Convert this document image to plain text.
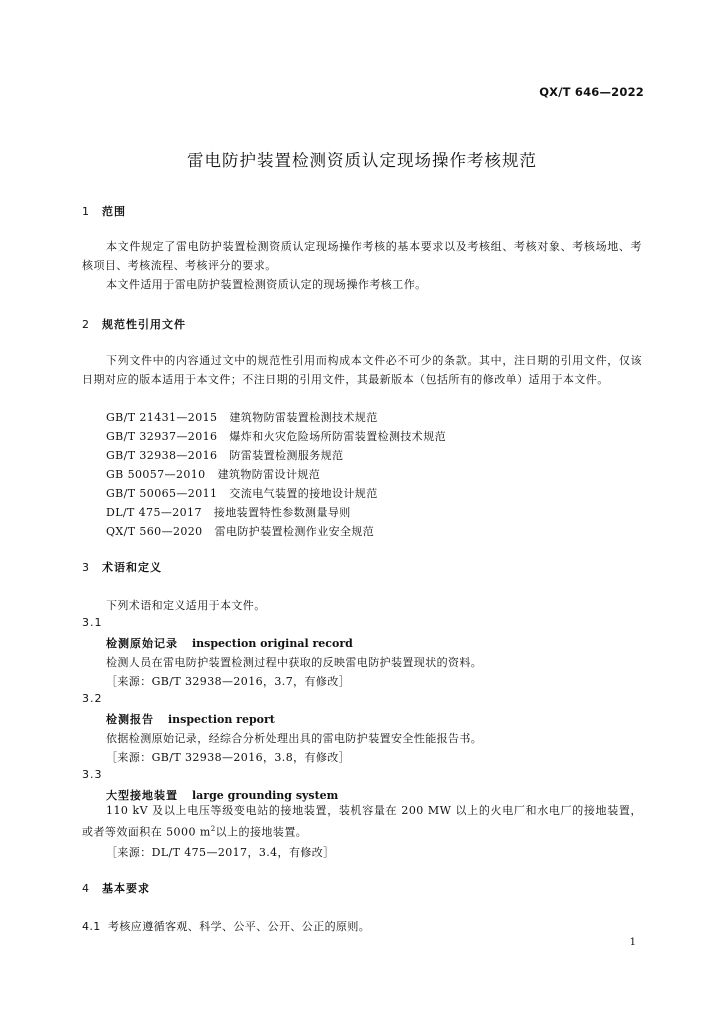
QX/T 646—2022
雷电防护装置检测资质认定现场操作考核规范
1 范围
本文件规定了雷电防护装置检测资质认定现场操作考核的基本要求以及考核组、考核对象、考核场地、考核项目、考核流程、考核评分的要求。
本文件适用于雷电防护装置检测资质认定的现场操作考核工作。
2 规范性引用文件
下列文件中的内容通过文中的规范性引用而构成本文件必不可少的条款。其中，注日期的引用文件，仅该日期对应的版本适用于本文件；不注日期的引用文件，其最新版本（包括所有的修改单）适用于本文件。
GB/T 21431—2015 建筑物防雷装置检测技术规范
GB/T 32937—2016 爆炸和火灾危险场所防雷装置检测技术规范
GB/T 32938—2016 防雷装置检测服务规范
GB 50057—2010 建筑物防雷设计规范
GB/T 50065—2011 交流电气装置的接地设计规范
DL/T 475—2017 接地装置特性参数测量导则
QX/T 560—2020 雷电防护装置检测作业安全规范
3 术语和定义
下列术语和定义适用于本文件。
3.1
检测原始记录 inspection original record
检测人员在雷电防护装置检测过程中获取的反映雷电防护装置现状的资料。
［来源：GB/T 32938—2016，3.7，有修改］
3.2
检测报告 inspection report
依据检测原始记录，经综合分析处理出具的雷电防护装置安全性能报告书。
［来源：GB/T 32938—2016，3.8，有修改］
3.3
大型接地装置 large grounding system
110 kV 及以上电压等级变电站的接地装置，装机容量在 200 MW 以上的火电厂和水电厂的接地装置，或者等效面积在 5000 $m^2$以上的接地装置。
［来源：DL/T 475—2017，3.4，有修改］
4 基本要求
4.1 考核应遵循客观、科学、公平、公开、公正的原则。
1
